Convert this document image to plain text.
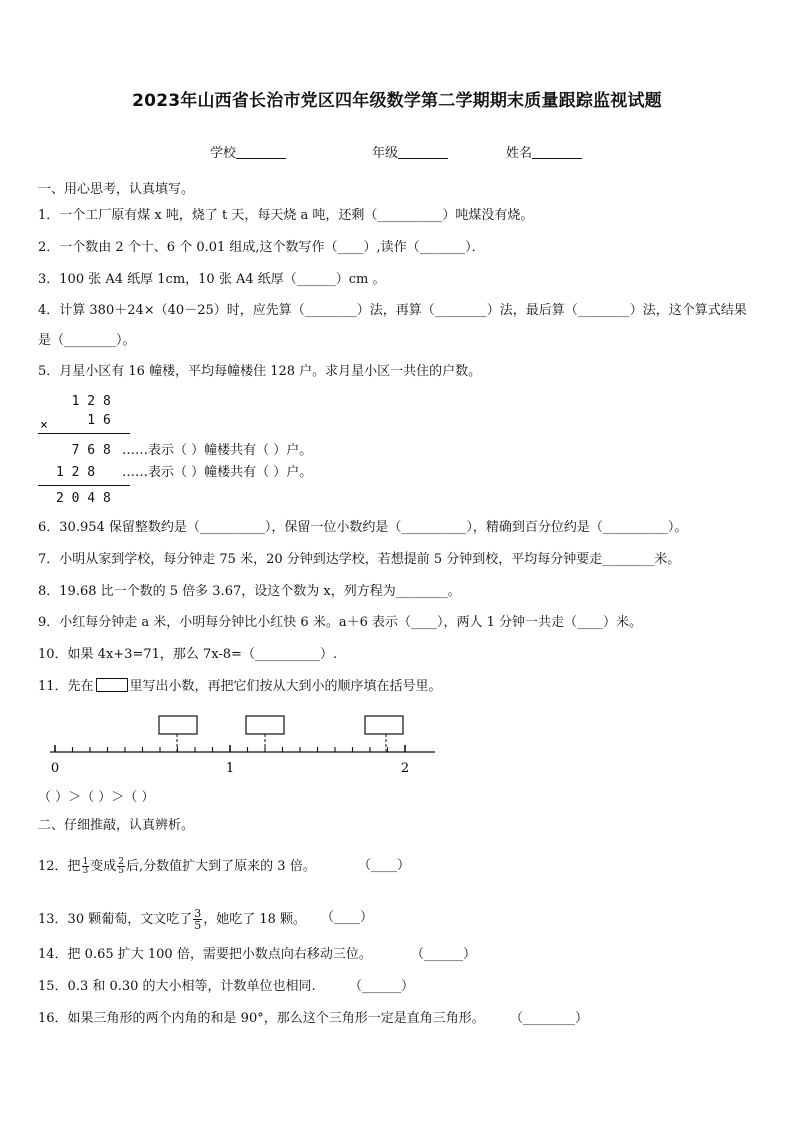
2023年山西省长治市党区四年级数学第二学期期末质量跟踪监视试题
学校	年级	姓名
一、用心思考，认真填写。
1．一个工厂原有煤 x 吨，烧了 t 天，每天烧 a 吨，还剩（__________）吨煤没有烧。
2．一个数由 2 个十、6 个 0.01 组成,这个数写作（____）,读作（_______）．
3．100 张 A4 纸厚 1cm，10 张 A4 纸厚（______）cm 。
4．计算 380＋24×（40－25）时，应先算（________）法，再算（________）法，最后算（________）法，这个算式结果是（________）。
5．月星小区有 16 幢楼，平均每幢楼住 128 户。求月星小区一共住的户数。
1 2 8
1 6
×
7 6 8 ……表示（ ）幢楼共有（ ）户。
1 2 8 ……表示（ ）幢楼共有（ ）户。
2 0 4 8
6．30.954 保留整数约是（__________），保留一位小数约是（__________），精确到百分位约是（__________）。
7．小明从家到学校，每分钟走 75 米，20 分钟到达学校，若想提前 5 分钟到校，平均每分钟要走________米。
8．19.68 比一个数的 5 倍多 3.67，设这个数为 x，列方程为________。
9．小红每分钟走 a 米，小明每分钟比小红快 6 米。a＋6 表示（____），两人 1 分钟一共走（____）米。
10．如果 4x+3=71，那么 7x-8=（__________）.
11．先在	里写出小数，再把它们按从大到小的顺序填在括号里。
0	1	2
（ ）＞（ ）＞（ ）
二、仔细推敲，认真辨析。
12．把 $\frac{1}{3}$ 变成 $\frac{2}{5}$ 后,分数值扩大到了原来的 3 倍。	（____）
13．30 颗葡萄，文文吃了 $\frac{3}{5}$ ，她吃了 18 颗。 （____）
14．把 0.65 扩大 100 倍，需要把小数点向右移动三位。	（______）
15．0.3 和 0.30 的大小相等，计数单位也相同.	（______）
16．如果三角形的两个内角的和是 90°，那么这个三角形一定是直角三角形。 （________）
